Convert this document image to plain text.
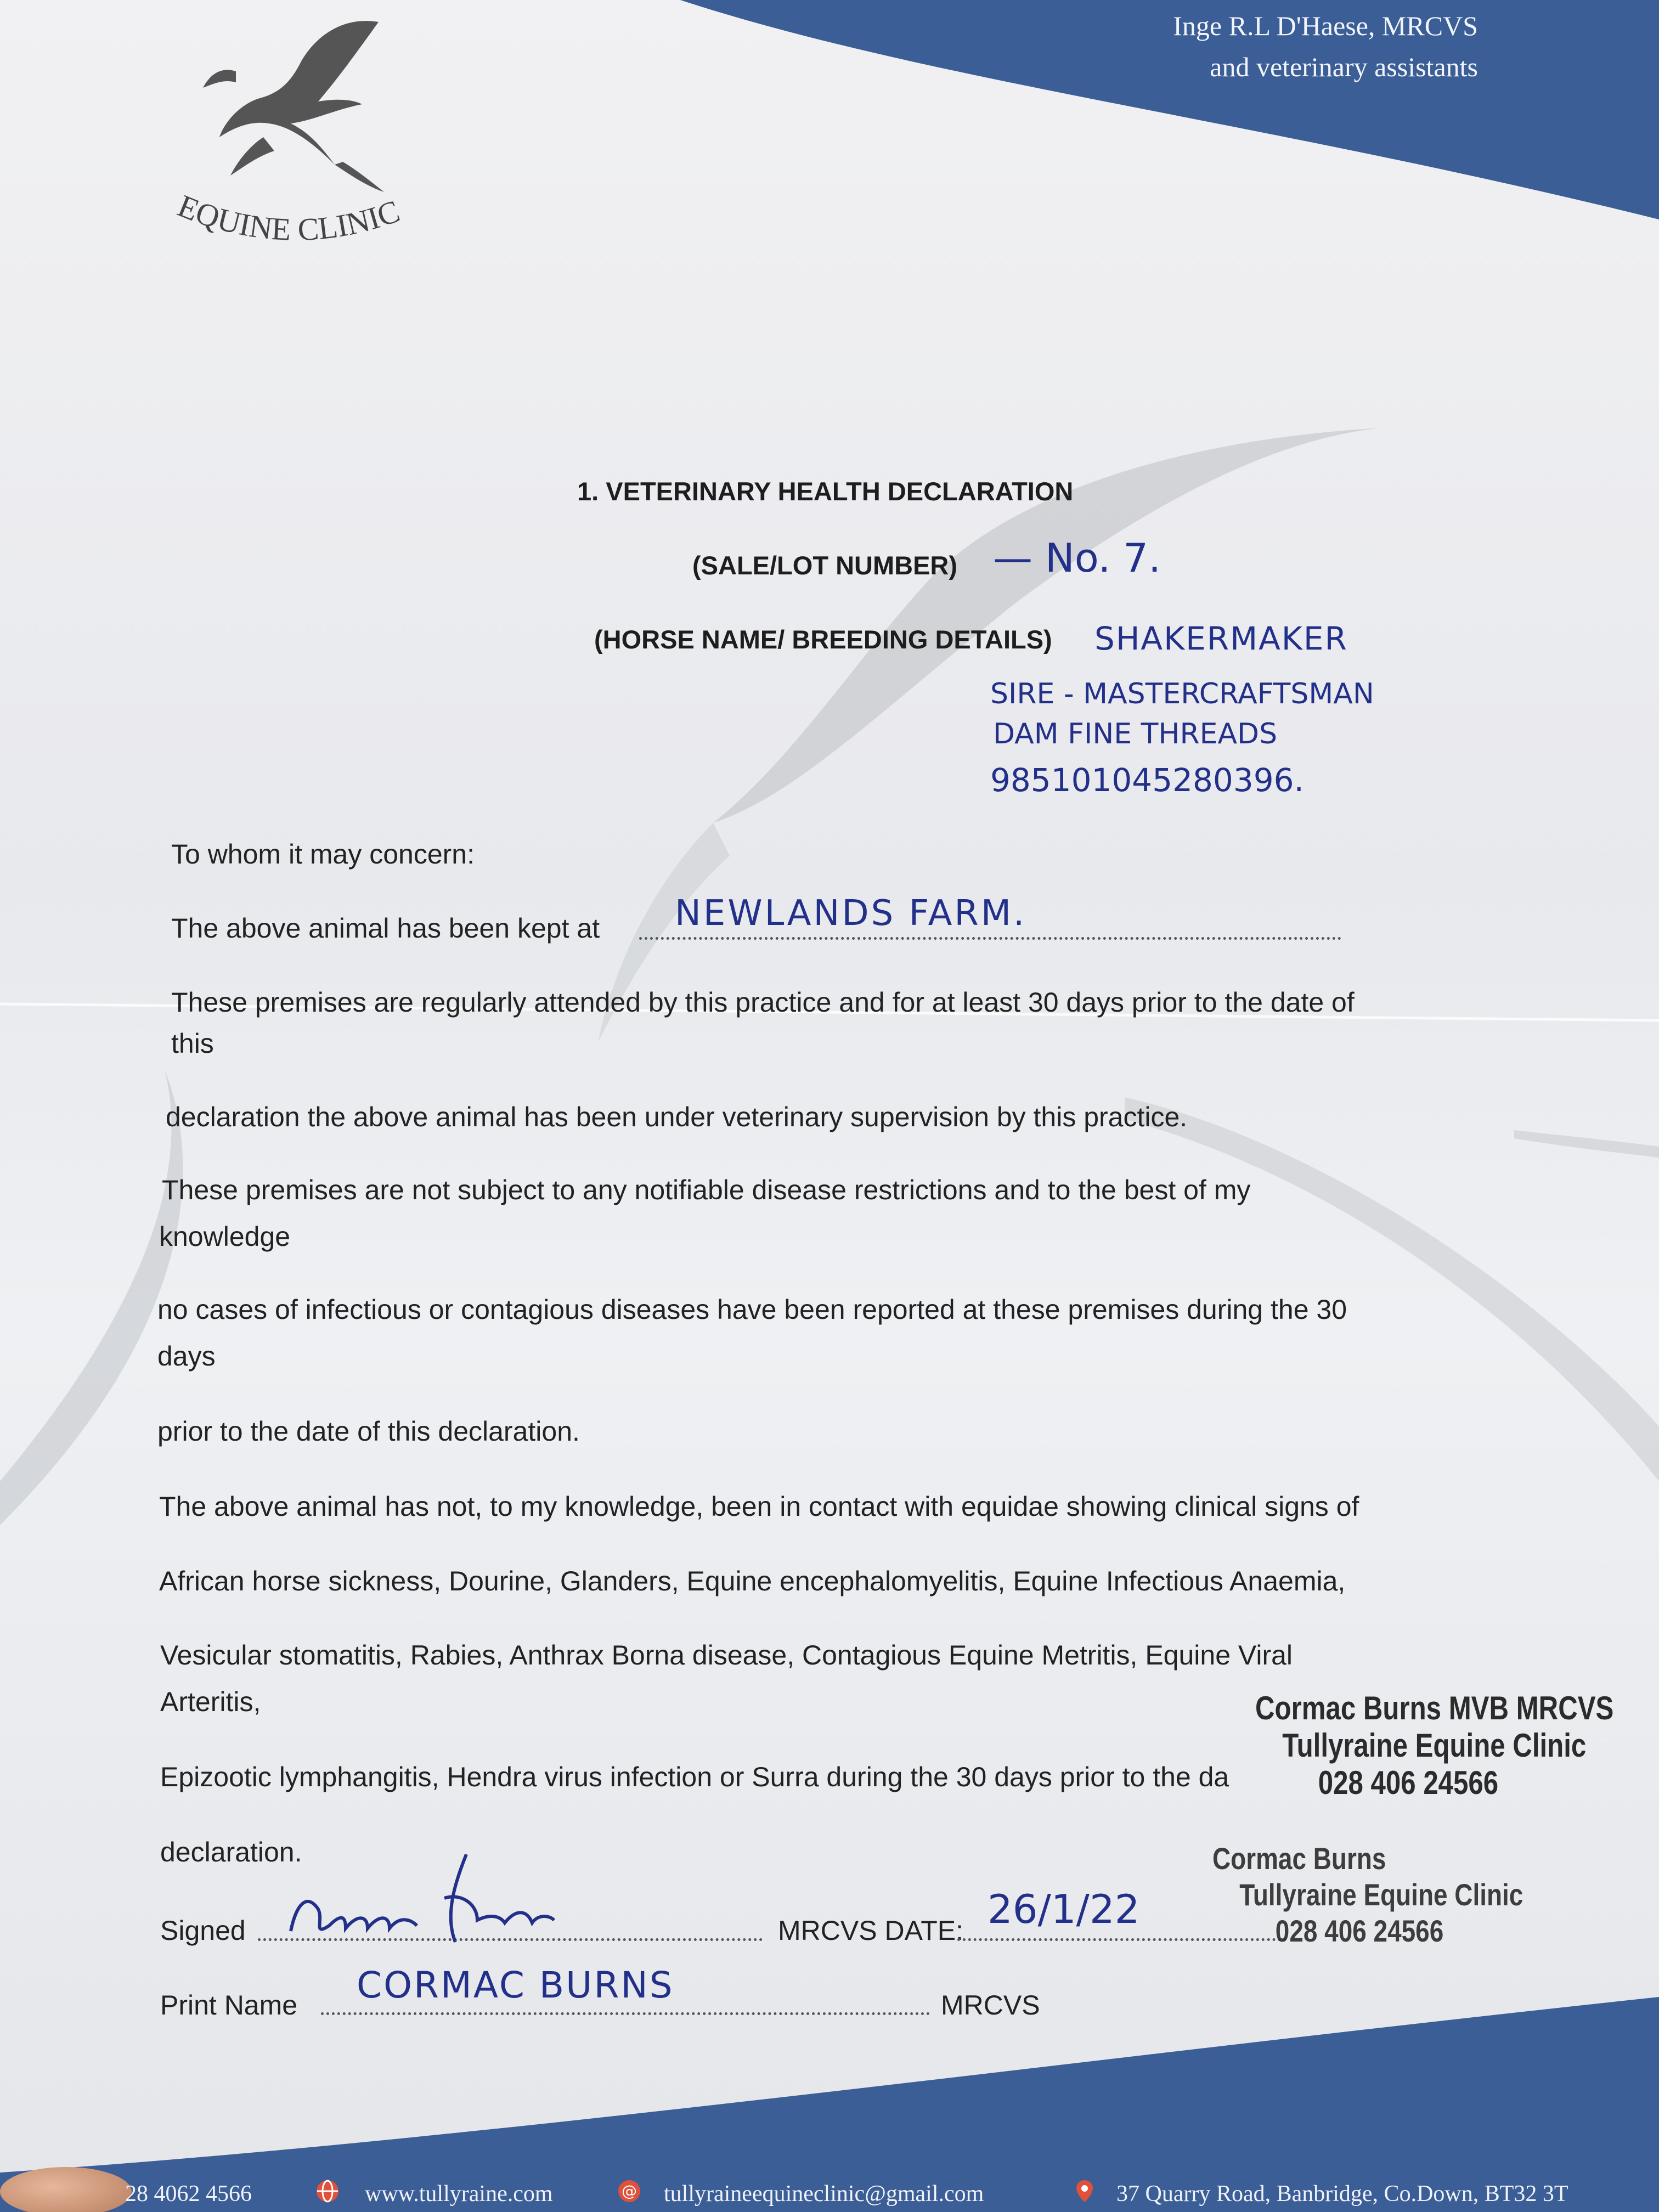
EQUINE CLINIC
Inge R.L D'Haese, MRCVS
and veterinary assistants
1. VETERINARY HEALTH DECLARATION
(SALE/LOT NUMBER) — No. 7.
(HORSE NAME/ BREEDING DETAILS) SHAKERMAKER
SIRE - MASTERCRAFTSMAN
DAM FINE THREADS
985101045280396.
To whom it may concern:
The above animal has been kept at NEWLANDS FARM.
These premises are regularly attended by this practice and for at least 30 days prior to the date of
this
declaration the above animal has been under veterinary supervision by this practice.
These premises are not subject to any notifiable disease restrictions and to the best of my
knowledge
no cases of infectious or contagious diseases have been reported at these premises during the 30
days
prior to the date of this declaration.
The above animal has not, to my knowledge, been in contact with equidae showing clinical signs of
African horse sickness, Dourine, Glanders, Equine encephalomyelitis, Equine Infectious Anaemia,
Vesicular stomatitis, Rabies, Anthrax Borna disease, Contagious Equine Metritis, Equine Viral
Arteritis,
Epizootic lymphangitis, Hendra virus infection or Surra during the 30 days prior to the da
declaration.
Signed	MRCVS DATE: 26/1/22
Print Name CORMAC BURNS	MRCVS
Cormac Burns MVB MRCVS
Tullyraine Equine Clinic
028 406 24566
Cormac Burns
Tullyraine Equine Clinic
028 406 24566
28 4062 4566	www.tullyraine.com	@ tullyraineequineclinic@gmail.com	37 Quarry Road, Banbridge, Co.Down, BT32 3T
